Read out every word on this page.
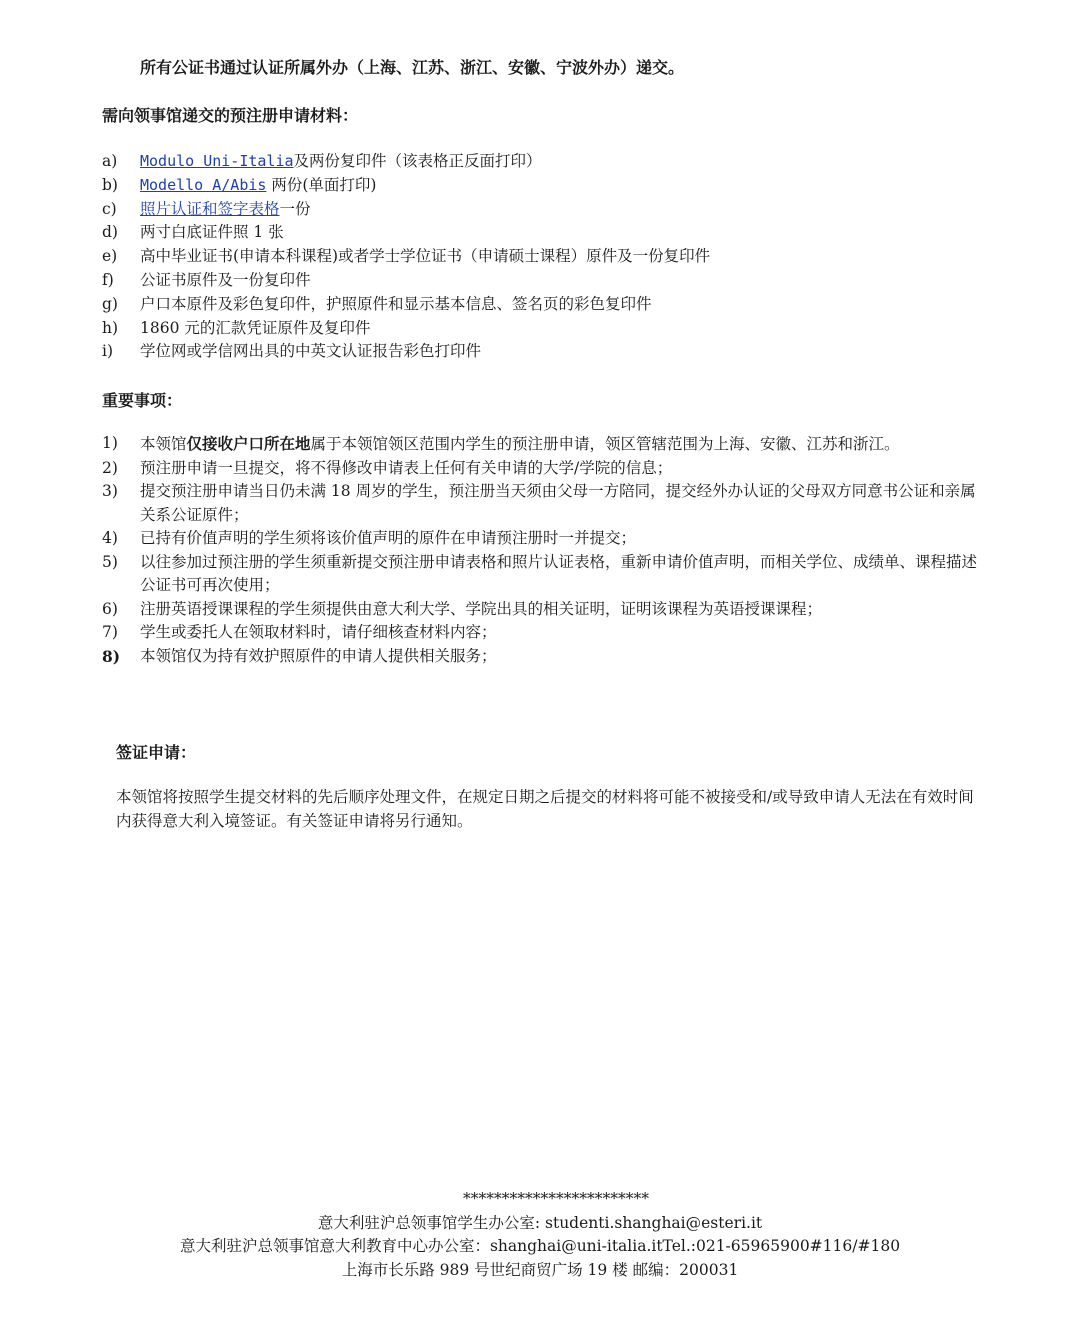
所有公证书通过认证所属外办（上海、江苏、浙江、安徽、宁波外办）递交。
需向领事馆递交的预注册申请材料：
a) Modulo Uni-Italia及两份复印件（该表格正反面打印）
b) Modello A/Abis 两份(单面打印)
c) 照片认证和签字表格一份
d) 两寸白底证件照 1 张
e) 高中毕业证书(申请本科课程)或者学士学位证书（申请硕士课程）原件及一份复印件
f) 公证书原件及一份复印件
g) 户口本原件及彩色复印件，护照原件和显示基本信息、签名页的彩色复印件
h) 1860 元的汇款凭证原件及复印件
i) 学位网或学信网出具的中英文认证报告彩色打印件
重要事项：
1) 本领馆仅接收户口所在地属于本领馆领区范围内学生的预注册申请，领区管辖范围为上海、安徽、江苏和浙江。
2) 预注册申请一旦提交，将不得修改申请表上任何有关申请的大学/学院的信息；
3) 提交预注册申请当日仍未满 18 周岁的学生，预注册当天须由父母一方陪同，提交经外办认证的父母双方同意书公证和亲属关系公证原件；
4) 已持有价值声明的学生须将该价值声明的原件在申请预注册时一并提交；
5) 以往参加过预注册的学生须重新提交预注册申请表格和照片认证表格，重新申请价值声明，而相关学位、成绩单、课程描述公证书可再次使用；
6) 注册英语授课课程的学生须提供由意大利大学、学院出具的相关证明，证明该课程为英语授课课程；
7) 学生或委托人在领取材料时，请仔细核查材料内容；
8) 本领馆仅为持有效护照原件的申请人提供相关服务；
签证申请：
本领馆将按照学生提交材料的先后顺序处理文件，在规定日期之后提交的材料将可能不被接受和/或导致申请人无法在有效时间内获得意大利入境签证。有关签证申请将另行通知。
************************
意大利驻沪总领事馆学生办公室: studenti.shanghai@esteri.it
意大利驻沪总领事馆意大利教育中心办公室：shanghai@uni-italia.itTel.:021-65965900#116/#180
上海市长乐路 989 号世纪商贸广场 19 楼 邮编：200031
